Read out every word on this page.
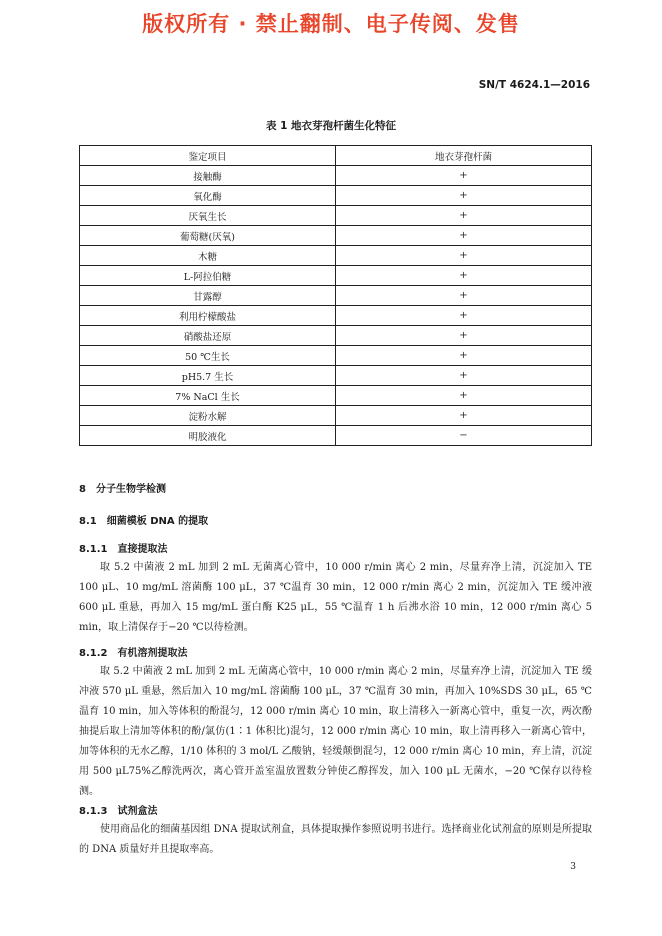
版权所有 · 禁止翻制、电子传阅、发售
SN/T 4624.1—2016
表 1 地衣芽孢杆菌生化特征
鉴定项目	地衣芽孢杆菌
接触酶	+
氧化酶	+
厌氧生长	+
葡萄糖(厌氧)	+
木糖	+
L-阿拉伯糖	+
甘露醇	+
利用柠檬酸盐	+
硝酸盐还原	+
50 ℃生长	+
pH5.7 生长	+
7% NaCl 生长	+
淀粉水解	+
明胶液化	−
8 分子生物学检测
8.1 细菌模板 DNA 的提取
8.1.1 直接提取法

取 5.2 中菌液 2 mL 加到 2 mL 无菌离心管中，10 000 r/min 离心 2 min，尽量弃净上清，沉淀加入 TE 100 μL、10 mg/mL 溶菌酶 100 μL，37 ℃温育 30 min，12 000 r/min 离心 2 min，沉淀加入 TE 缓冲液 600 μL 重悬，再加入 15 mg/mL 蛋白酶 K25 μL，55 ℃温育 1 h 后沸水浴 10 min，12 000 r/min 离心 5 min，取上清保存于−20 ℃以待检测。

8.1.2 有机溶剂提取法

取 5.2 中菌液 2 mL 加到 2 mL 无菌离心管中，10 000 r/min 离心 2 min，尽量弃净上清，沉淀加入 TE 缓冲液 570 μL 重悬，然后加入 10 mg/mL 溶菌酶 100 μL，37 ℃温育 30 min，再加入 10%SDS 30 μL，65 ℃温育 10 min，加入等体积的酚混匀，12 000 r/min 离心 10 min，取上清移入一新离心管中，重复一次，两次酚抽提后取上清加等体积的酚/氯仿(1∶1 体积比)混匀，12 000 r/min 离心 10 min，取上清再移入一新离心管中，加等体积的无水乙醇，1/10 体积的 3 mol/L 乙酸钠，轻缓颠倒混匀，12 000 r/min 离心 10 min，弃上清，沉淀用 500 μL75%乙醇洗两次，离心管开盖室温放置数分钟使乙醇挥发，加入 100 μL 无菌水，−20 ℃保存以待检测。

8.1.3 试剂盒法

使用商品化的细菌基因组 DNA 提取试剂盒，具体提取操作参照说明书进行。选择商业化试剂盒的原则是所提取的 DNA 质量好并且提取率高。

3
